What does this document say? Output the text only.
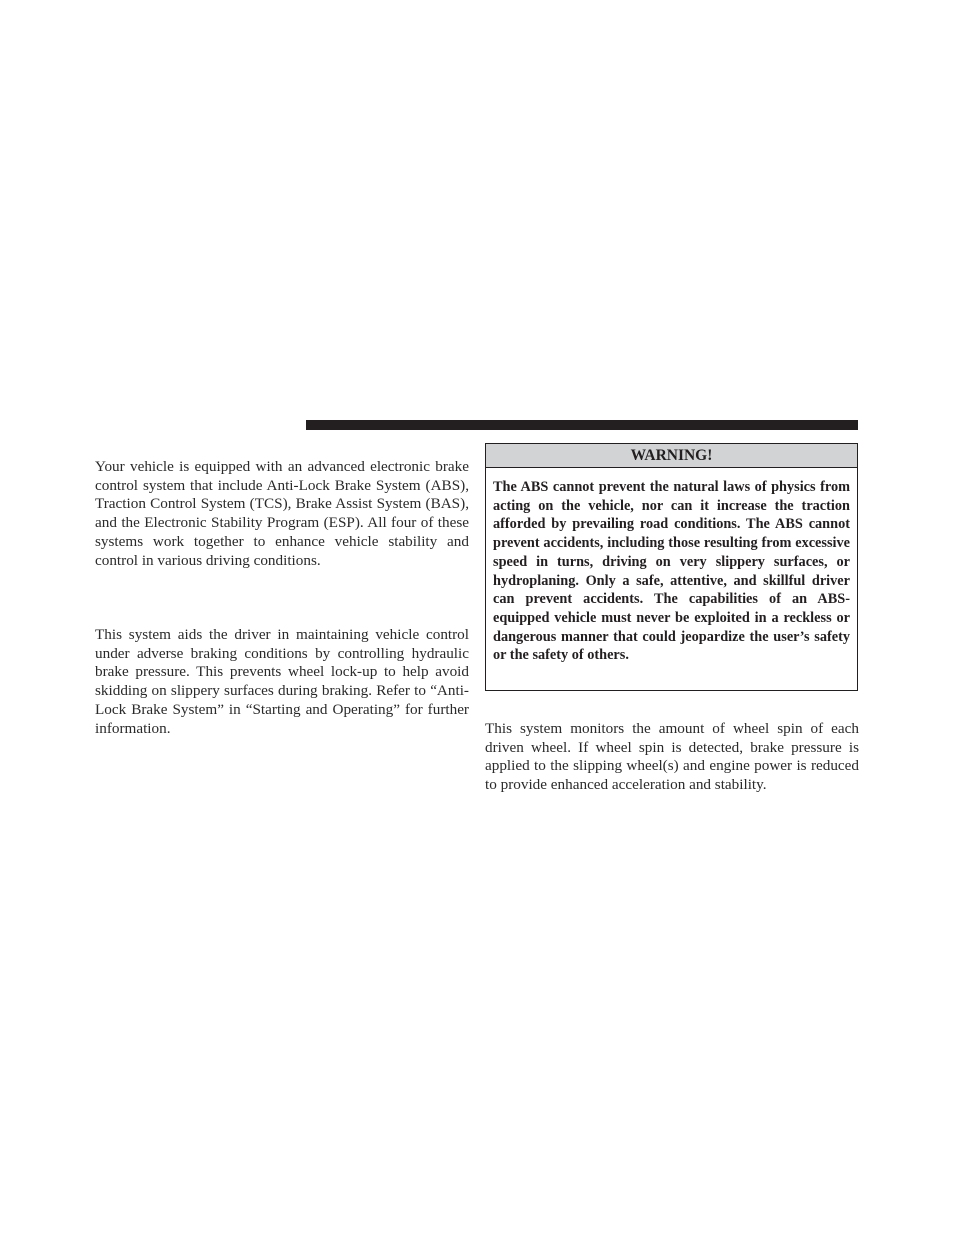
Your vehicle is equipped with an advanced electronic brake control system that include Anti-Lock Brake System (ABS), Traction Control System (TCS), Brake Assist System (BAS), and the Electronic Stability Program (ESP). All four of these systems work together to enhance vehicle stability and control in various driving conditions.

This system aids the driver in maintaining vehicle control under adverse braking conditions by controlling hydraulic brake pressure. This prevents wheel lock-up to help avoid skidding on slippery surfaces during braking. Refer to “Anti-Lock Brake System” in “Starting and Operating” for further information.

WARNING!
The ABS cannot prevent the natural laws of physics from acting on the vehicle, nor can it increase the traction afforded by prevailing road conditions. The ABS cannot prevent accidents, including those resulting from excessive speed in turns, driving on very slippery surfaces, or hydroplaning. Only a safe, attentive, and skillful driver can prevent accidents. The capabilities of an ABS-equipped vehicle must never be exploited in a reckless or dangerous manner that could jeopardize the user’s safety or the safety of others.

This system monitors the amount of wheel spin of each driven wheel. If wheel spin is detected, brake pressure is applied to the slipping wheel(s) and engine power is reduced to provide enhanced acceleration and stability.
